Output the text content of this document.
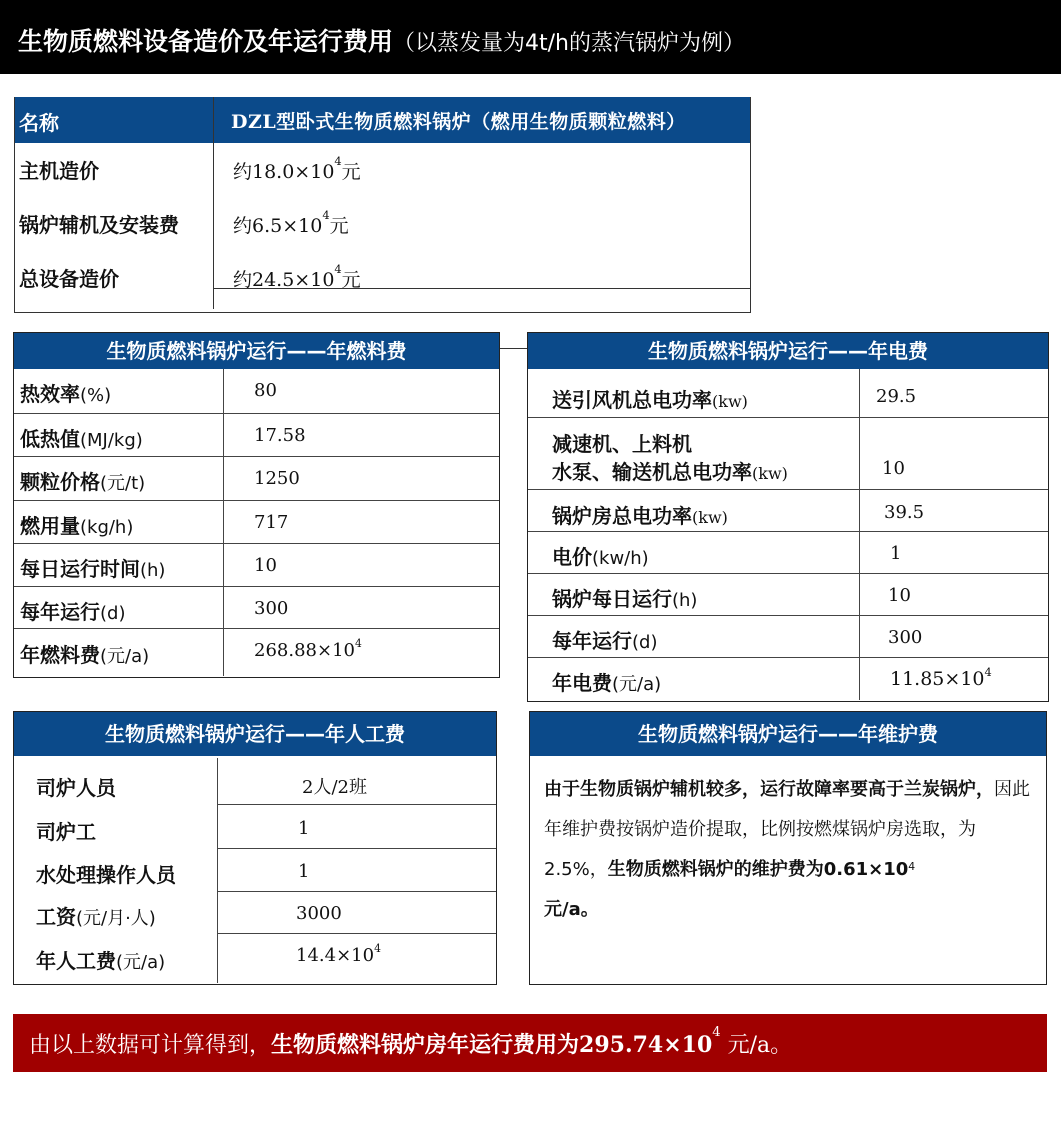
生物质燃料设备造价及年运行费用（以蒸发量为4t/h的蒸汽锅炉为例）
名称	DZL型卧式生物质燃料锅炉（燃用生物质颗粒燃料）
主机造价	约$18.0\times 10^4$元
锅炉辅机及安装费	约$6.5\times 10^4$元
总设备造价	约$24.5\times 10^4$元
生物质燃料锅炉运行——年燃料费
热效率(%)	80
低热值(MJ/kg)	17.58
颗粒价格(元/t)	1250
燃用量(kg/h)	717
每日运行时间(h)	10
每年运行(d)	300
年燃料费(元/a)	$268.88\times 10^4$
生物质燃料锅炉运行——年电费
送引风机总电功率(kw)	29.5
减速机、上料机
水泵、输送机总电功率(kw)	10
锅炉房总电功率(kw)	39.5
电价(kw/h)	1
锅炉每日运行(h)	10
每年运行(d)	300
年电费(元/a)	$11.85\times 10^4$
生物质燃料锅炉运行——年人工费
司炉人员	2人/2班
司炉工	1
水处理操作人员	1
工资(元/月·人)	3000
年人工费(元/a)	$14.4\times 10^4$
生物质燃料锅炉运行——年维护费
由于生物质锅炉辅机较多，运行故障率要高于兰炭锅炉，因此年维护费按锅炉造价提取，比例按燃煤锅炉房选取，为2.5%，生物质燃料锅炉的维护费为$0.61\times 10^4$
元/a。
由以上数据可计算得到，生物质燃料锅炉房年运行费用为$295.74\times 10^4$ 元/a。
